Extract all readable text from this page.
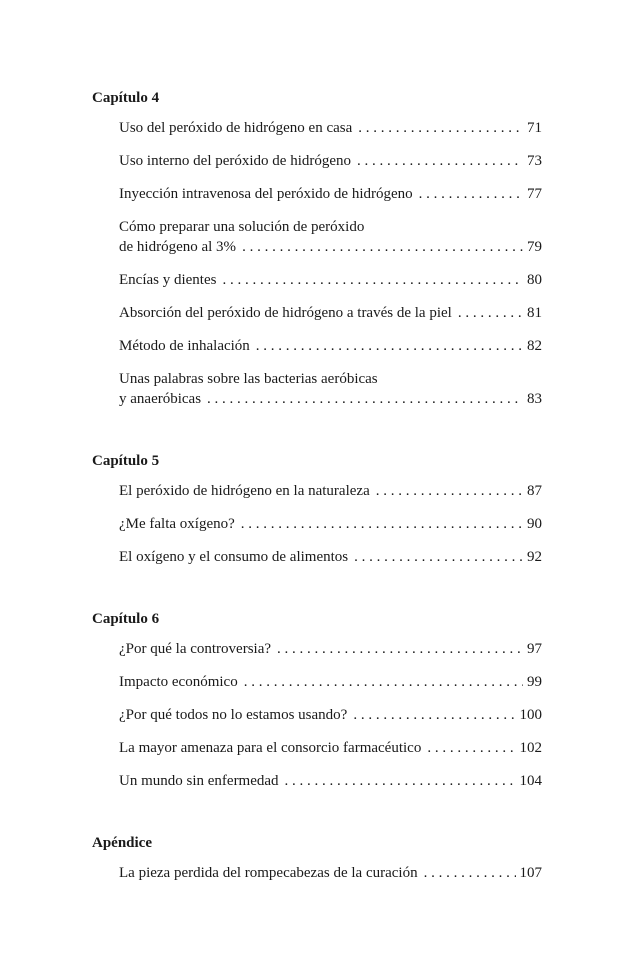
Capítulo 4
Uso del peróxido de hidrógeno en casa . . .	71
Uso interno del peróxido de hidrógeno . . .	73
Inyección intravenosa del peróxido de hidrógeno . . .	77
Cómo preparar una solución de peróxido
de hidrógeno al 3% . . .	79
Encías y dientes . . .	80
Absorción del peróxido de hidrógeno a través de la piel . . .	81
Método de inhalación . . .	82
Unas palabras sobre las bacterias aeróbicas
y anaeróbicas . . .	83
Capítulo 5
El peróxido de hidrógeno en la naturaleza . . .	87
¿Me falta oxígeno? . . .	90
El oxígeno y el consumo de alimentos . . .	92
Capítulo 6
¿Por qué la controversia? . . .	97
Impacto económico . . .	99
¿Por qué todos no lo estamos usando? . . .	100
La mayor amenaza para el consorcio farmacéutico . . .	102
Un mundo sin enfermedad . . .	104
Apéndice
La pieza perdida del rompecabezas de la curación . . .	107
